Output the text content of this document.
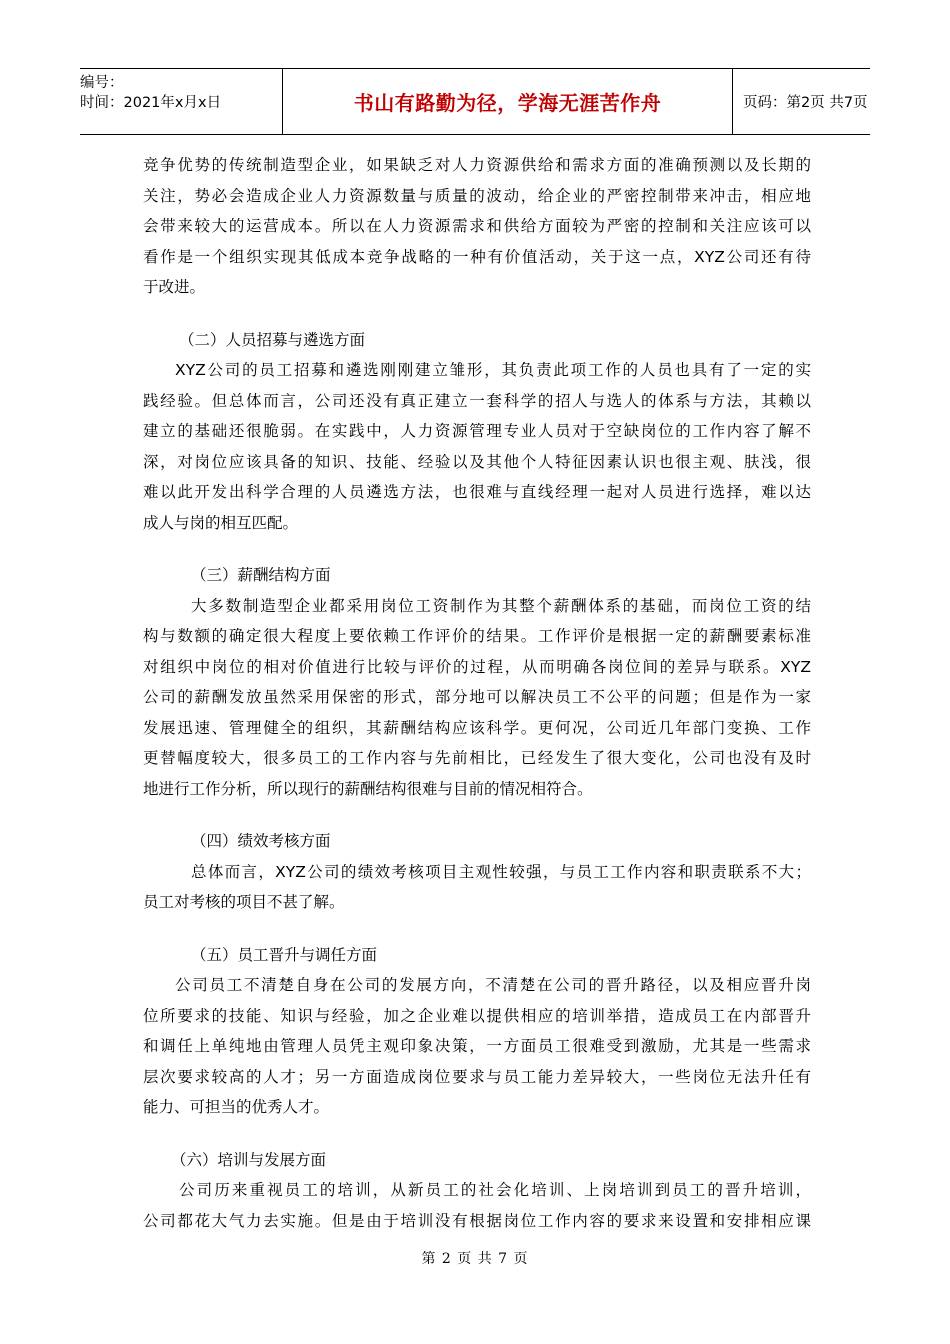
编号：
时间：2021年x月x日	书山有路勤为径，学海无涯苦作舟	页码：第2页 共7页
竞争优势的传统制造型企业，如果缺乏对人力资源供给和需求方面的准确预测以及长期的
关注，势必会造成企业人力资源数量与质量的波动，给企业的严密控制带来冲击，相应地
会带来较大的运营成本。所以在人力资源需求和供给方面较为严密的控制和关注应该可以
看作是一个组织实现其低成本竞争战略的一种有价值活动，关于这一点，XYZ公司还有待
于改进。
（二）人员招募与遴选方面
XYZ公司的员工招募和遴选刚刚建立雏形，其负责此项工作的人员也具有了一定的实
践经验。但总体而言，公司还没有真正建立一套科学的招人与选人的体系与方法，其赖以
建立的基础还很脆弱。在实践中，人力资源管理专业人员对于空缺岗位的工作内容了解不
深，对岗位应该具备的知识、技能、经验以及其他个人特征因素认识也很主观、肤浅，很
难以此开发出科学合理的人员遴选方法，也很难与直线经理一起对人员进行选择，难以达
成人与岗的相互匹配。
（三）薪酬结构方面
大多数制造型企业都采用岗位工资制作为其整个薪酬体系的基础，而岗位工资的结
构与数额的确定很大程度上要依赖工作评价的结果。工作评价是根据一定的薪酬要素标准
对组织中岗位的相对价值进行比较与评价的过程，从而明确各岗位间的差异与联系。XYZ
公司的薪酬发放虽然采用保密的形式，部分地可以解决员工不公平的问题；但是作为一家
发展迅速、管理健全的组织，其薪酬结构应该科学。更何况，公司近几年部门变换、工作
更替幅度较大，很多员工的工作内容与先前相比，已经发生了很大变化，公司也没有及时
地进行工作分析，所以现行的薪酬结构很难与目前的情况相符合。
（四）绩效考核方面
总体而言，XYZ公司的绩效考核项目主观性较强，与员工工作内容和职责联系不大；
员工对考核的项目不甚了解。
（五）员工晋升与调任方面
公司员工不清楚自身在公司的发展方向，不清楚在公司的晋升路径，以及相应晋升岗
位所要求的技能、知识与经验，加之企业难以提供相应的培训举措，造成员工在内部晋升
和调任上单纯地由管理人员凭主观印象决策，一方面员工很难受到激励，尤其是一些需求
层次要求较高的人才；另一方面造成岗位要求与员工能力差异较大，一些岗位无法升任有
能力、可担当的优秀人才。
（六）培训与发展方面
公司历来重视员工的培训，从新员工的社会化培训、上岗培训到员工的晋升培训，
公司都花大气力去实施。但是由于培训没有根据岗位工作内容的要求来设置和安排相应课
第 2 页 共 7 页
